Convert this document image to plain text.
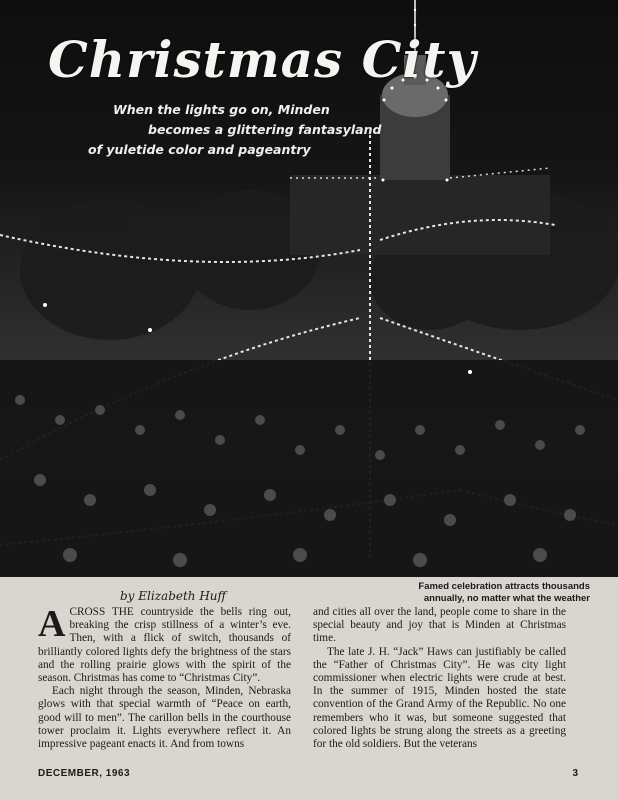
Christmas City
When the lights go on, Minden
becomes a glittering fantasyland
of yuletide color and pageantry
by Elizabeth Huff
Famed celebration attracts thousands
annually, no matter what the weather

ACROSS THE countryside the bells ring out, breaking the crisp stillness of a winter’s eve. Then, with a flick of switch, thousands of brilliantly colored lights defy the brightness of the stars and the rolling prairie glows with the spirit of the season. Christmas has come to “Christmas City”.

Each night through the season, Minden, Nebraska glows with that special warmth of “Peace on earth, good will to men”. The carillon bells in the courthouse tower proclaim it. Lights everywhere reflect it. An impressive pageant enacts it. And from towns

and cities all over the land, people come to share in the special beauty and joy that is Minden at Christmas time.

The late J. H. “Jack” Haws can justifiably be called the “Father of Christmas City”. He was city light commissioner when electric lights were crude at best. In the summer of 1915, Minden hosted the state convention of the Grand Army of the Republic. No one remembers who it was, but someone suggested that colored lights be strung along the streets as a greeting for the old soldiers. But the veterans

DECEMBER, 1963	3
